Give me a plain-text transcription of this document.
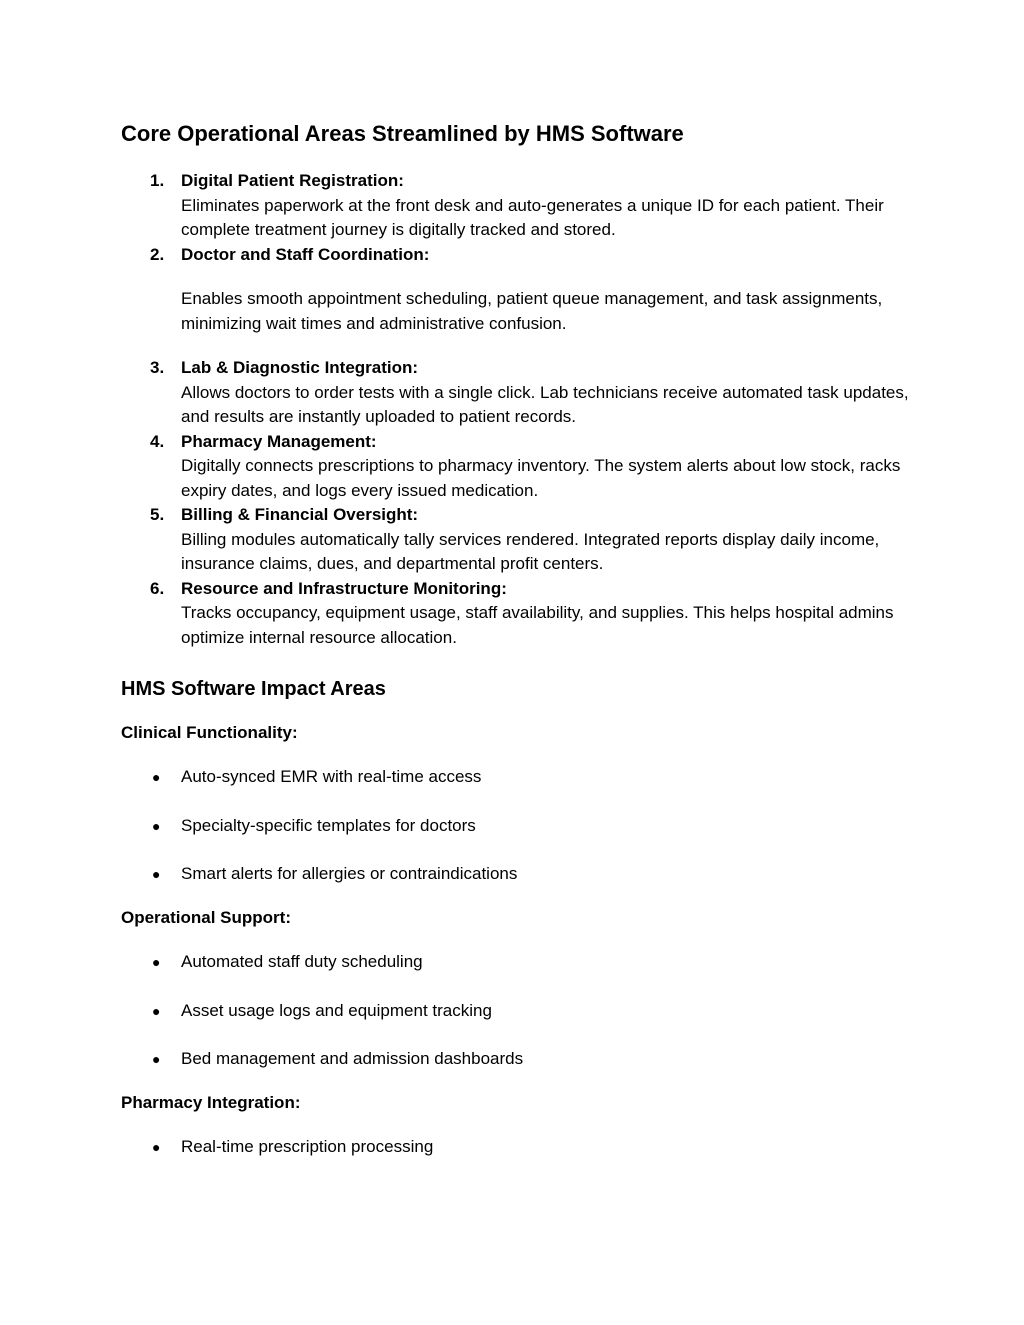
Core Operational Areas Streamlined by HMS Software
1. Digital Patient Registration:
Eliminates paperwork at the front desk and auto-generates a unique ID for each patient. Their complete treatment journey is digitally tracked and stored.
2. Doctor and Staff Coordination:
Enables smooth appointment scheduling, patient queue management, and task assignments, minimizing wait times and administrative confusion.
3. Lab & Diagnostic Integration:
Allows doctors to order tests with a single click. Lab technicians receive automated task updates, and results are instantly uploaded to patient records.
4. Pharmacy Management:
Digitally connects prescriptions to pharmacy inventory. The system alerts about low stock, racks expiry dates, and logs every issued medication.
5. Billing & Financial Oversight:
Billing modules automatically tally services rendered. Integrated reports display daily income, insurance claims, dues, and departmental profit centers.
6. Resource and Infrastructure Monitoring:
Tracks occupancy, equipment usage, staff availability, and supplies. This helps hospital admins optimize internal resource allocation.
HMS Software Impact Areas
Clinical Functionality:
● Auto-synced EMR with real-time access
● Specialty-specific templates for doctors
● Smart alerts for allergies or contraindications
Operational Support:
● Automated staff duty scheduling
● Asset usage logs and equipment tracking
● Bed management and admission dashboards
Pharmacy Integration:
● Real-time prescription processing
